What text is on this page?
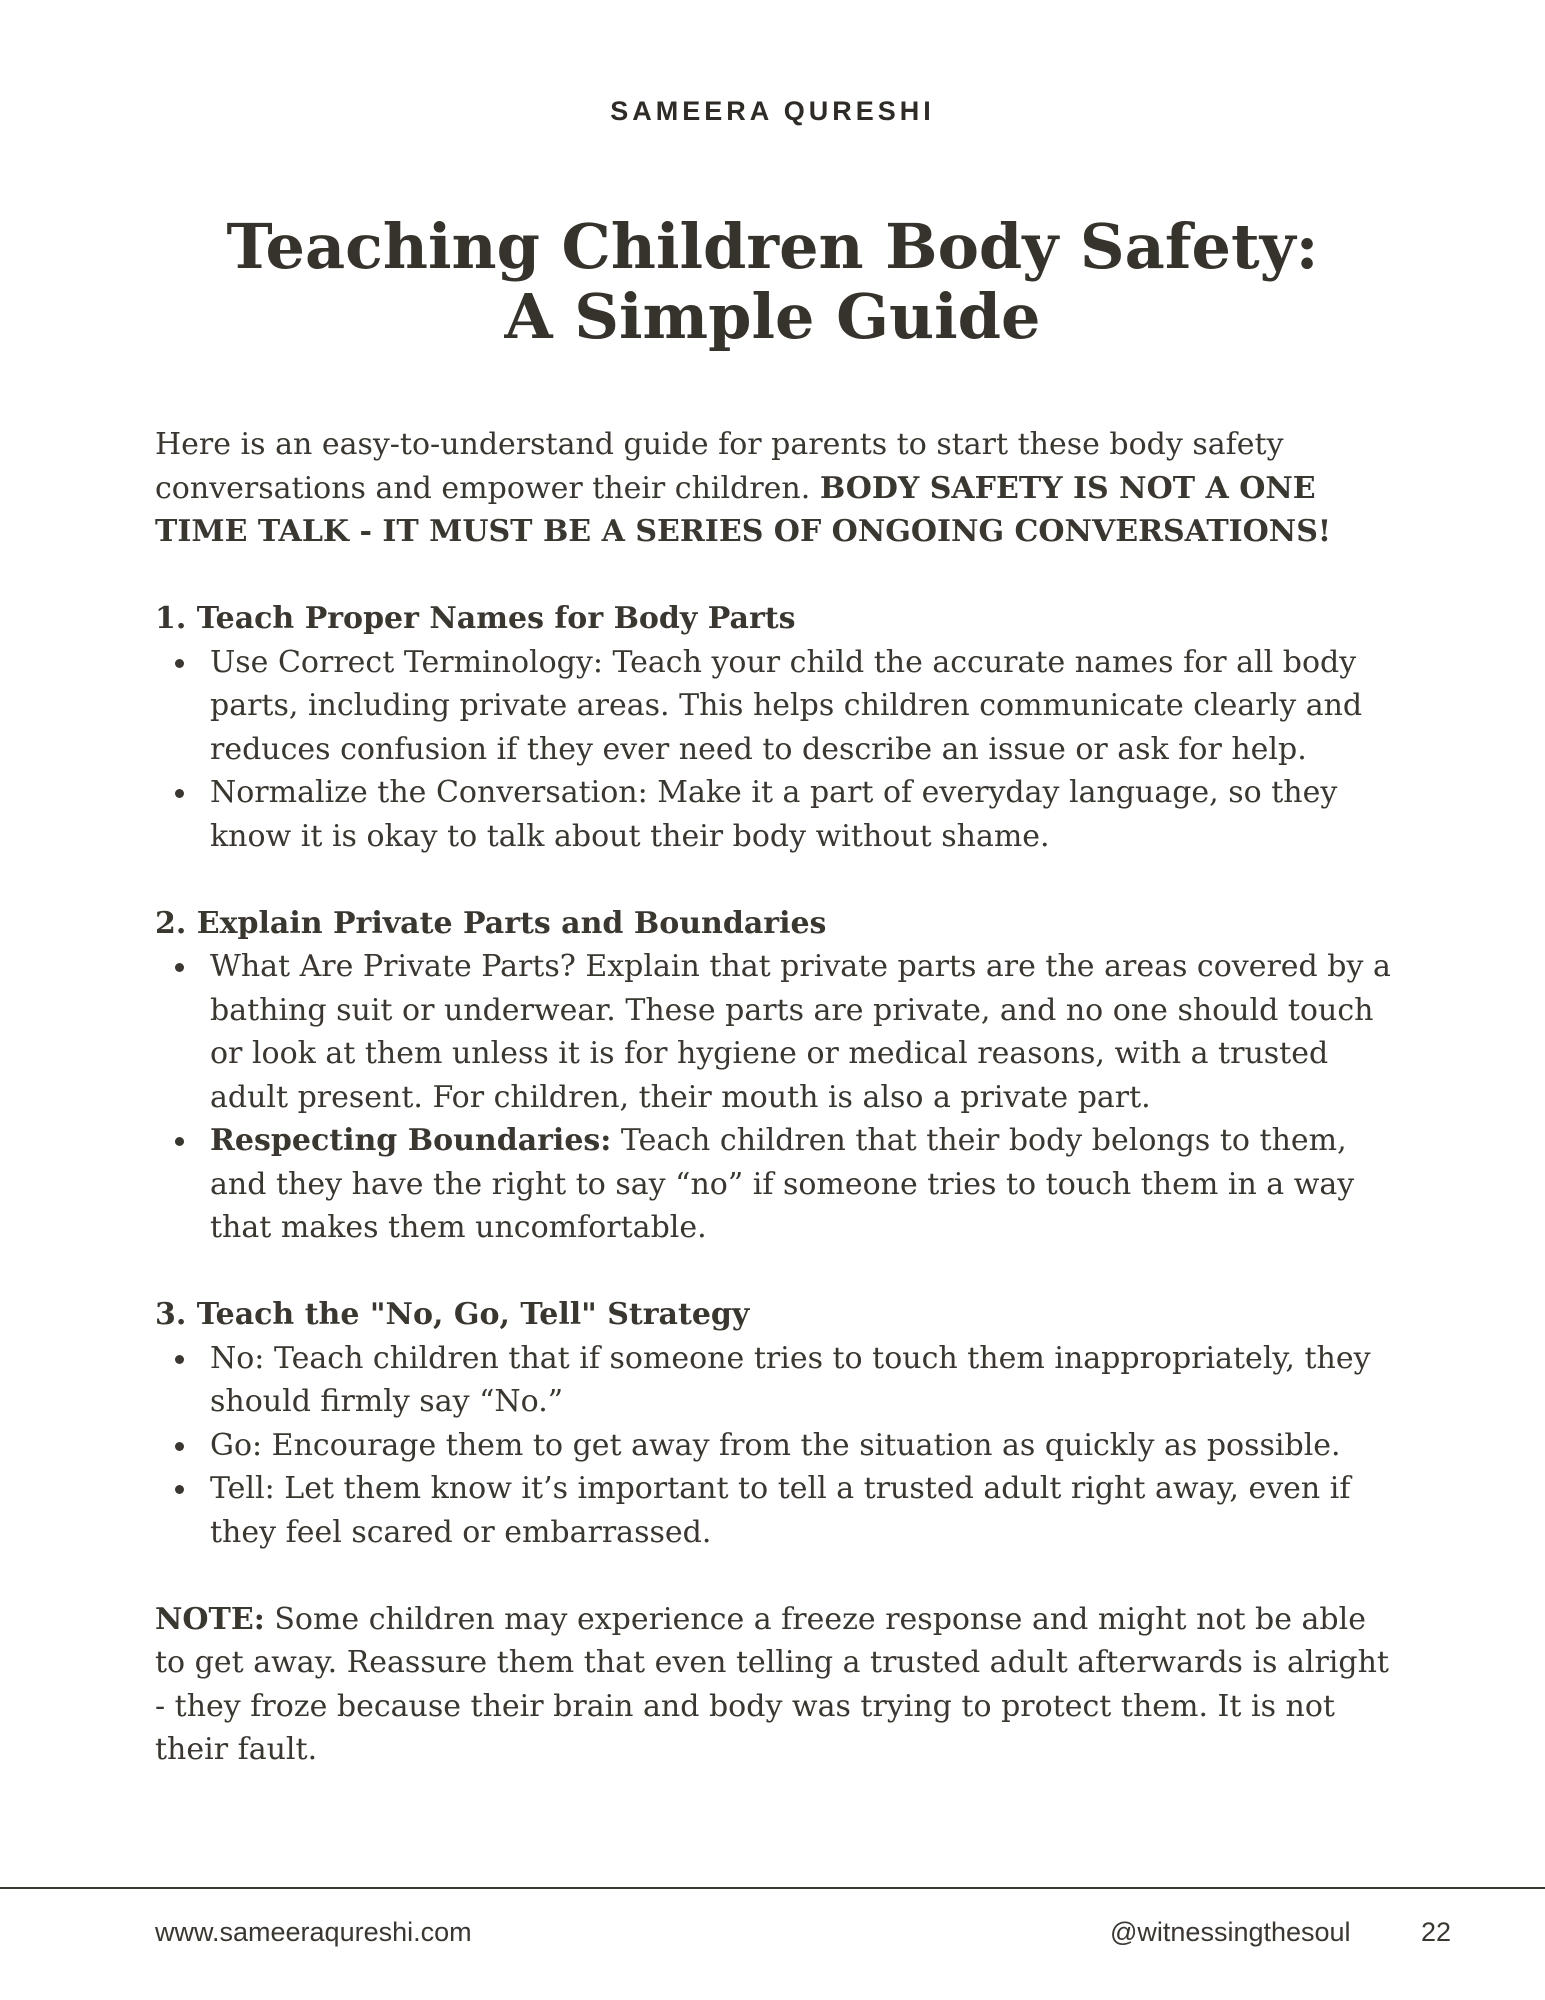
SAMEERA QURESHI
Teaching Children Body Safety:
A Simple Guide

Here is an easy-to-understand guide for parents to start these body safety conversations and empower their children. BODY SAFETY IS NOT A ONE TIME TALK - IT MUST BE A SERIES OF ONGOING CONVERSATIONS!

1. Teach Proper Names for Body Parts

Use Correct Terminology: Teach your child the accurate names for all body parts, including private areas. This helps children communicate clearly and reduces confusion if they ever need to describe an issue or ask for help.
Normalize the Conversation: Make it a part of everyday language, so they know it is okay to talk about their body without shame.

2. Explain Private Parts and Boundaries

What Are Private Parts? Explain that private parts are the areas covered by a bathing suit or underwear. These parts are private, and no one should touch or look at them unless it is for hygiene or medical reasons, with a trusted adult present. For children, their mouth is also a private part.
Respecting Boundaries: Teach children that their body belongs to them, and they have the right to say “no” if someone tries to touch them in a way that makes them uncomfortable.

3. Teach the "No, Go, Tell" Strategy

No: Teach children that if someone tries to touch them inappropriately, they should firmly say “No.”
Go: Encourage them to get away from the situation as quickly as possible.
Tell: Let them know it’s important to tell a trusted adult right away, even if they feel scared or embarrassed.

NOTE: Some children may experience a freeze response and might not be able to get away. Reassure them that even telling a trusted adult afterwards is alright - they froze because their brain and body was trying to protect them. It is not their fault.

www.sameeraqureshi.com	@witnessingthesoul	22
